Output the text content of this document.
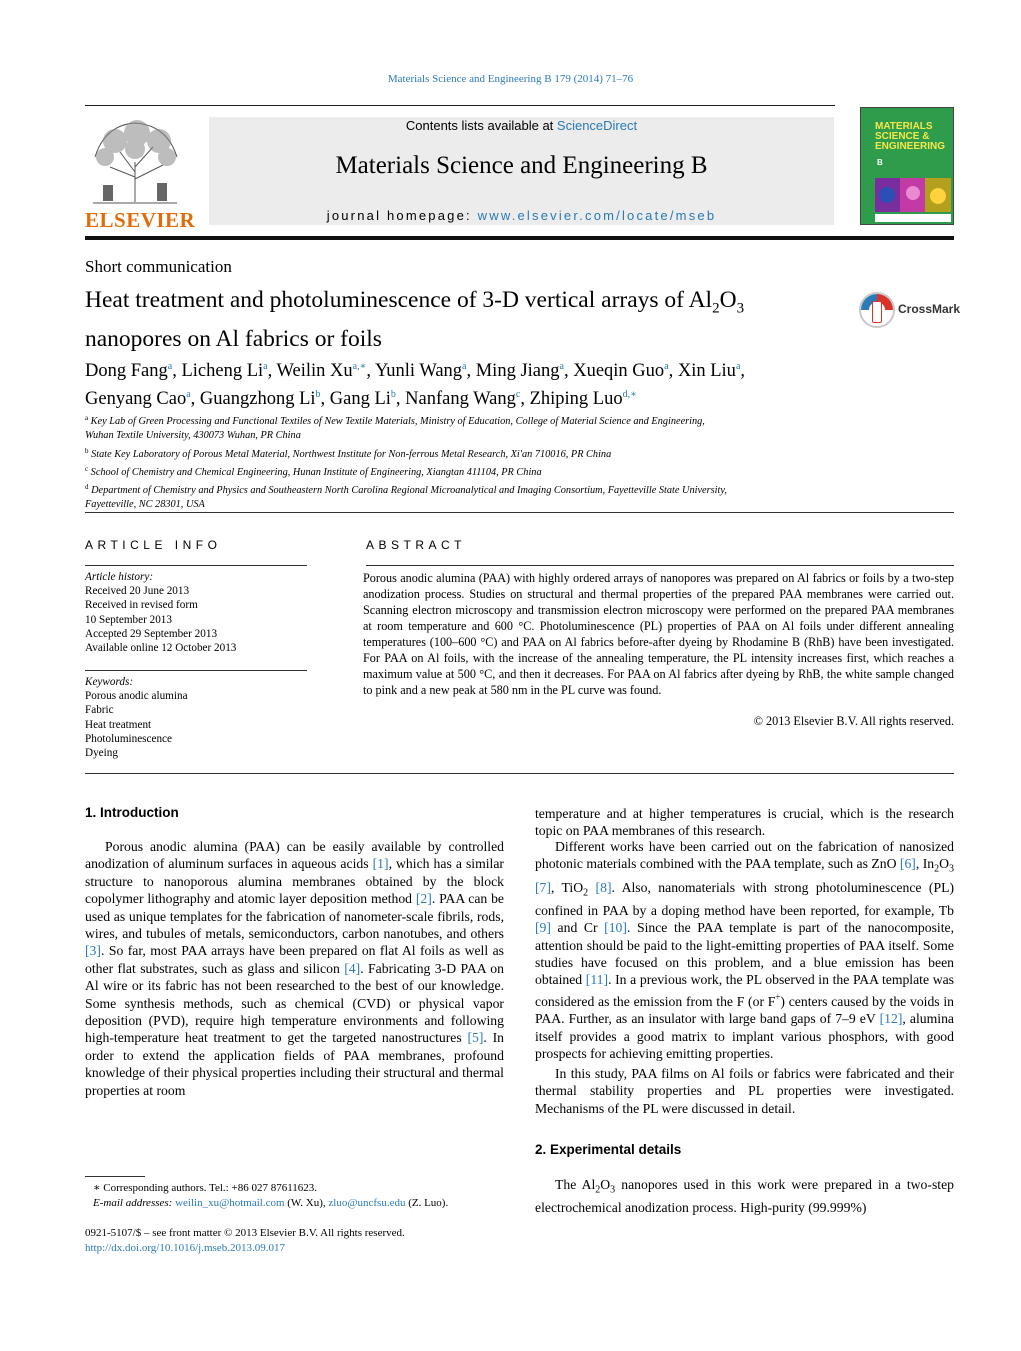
Materials Science and Engineering B 179 (2014) 71–76
ELSEVIER
Contents lists available at ScienceDirect
Materials Science and Engineering B
journal homepage: www.elsevier.com/locate/mseb
MATERIALS SCIENCE & ENGINEERING
B
Short communication
Heat treatment and photoluminescence of 3-D vertical arrays of $Al_2O_3$
nanopores on Al fabrics or foils
CrossMark
Dong Fang$^a$, Licheng Li$^a$, Weilin $Xu^{a,∗}$, Yunli Wang$^a$, Ming Jiang$^a$, Xueqin Guo$^a$, Xin Liu$^a$,
Genyang Cao$^a$, Guangzhong Li$^b$, Gang Li$^b$, Nanfang Wang$^c$, Zhiping Luo$^{d,∗}$
$^a$ Key Lab of Green Processing and Functional Textiles of New Textile Materials, Ministry of Education, College of Material Science and Engineering,
Wuhan Textile University, 430073 Wuhan, PR China
$^b$ State Key Laboratory of Porous Metal Material, Northwest Institute for Non-ferrous Metal Research, Xi'an 710016, PR China
$^c$ School of Chemistry and Chemical Engineering, Hunan Institute of Engineering, Xiangtan 411104, PR China
$^d$ Department of Chemistry and Physics and Southeastern North Carolina Regional Microanalytical and Imaging Consortium, Fayetteville State University,
Fayetteville, NC 28301, USA
ARTICLE INFO
Article history:
Received 20 June 2013
Received in revised form
10 September 2013
Accepted 29 September 2013
Available online 12 October 2013
Keywords:
Porous anodic alumina
Fabric
Heat treatment
Photoluminescence
Dyeing
ABSTRACT
Porous anodic alumina (PAA) with highly ordered arrays of nanopores was prepared on Al fabrics or foils by a two-step anodization process. Studies on structural and thermal properties of the prepared PAA membranes were carried out. Scanning electron microscopy and transmission electron microscopy were performed on the prepared PAA membranes at room temperature and 600 °C. Photoluminescence (PL) properties of PAA on Al foils under different annealing temperatures (100–600 °C) and PAA on Al fabrics before-after dyeing by Rhodamine B (RhB) have been investigated. For PAA on Al foils, with the increase of the annealing temperature, the PL intensity increases first, which reaches a maximum value at 500 °C, and then it decreases. For PAA on Al fabrics after dyeing by RhB, the white sample changed to pink and a new peak at 580 nm in the PL curve was found.
© 2013 Elsevier B.V. All rights reserved.
1. Introduction

Porous anodic alumina (PAA) can be easily available by controlled anodization of aluminum surfaces in aqueous acids [1], which has a similar structure to nanoporous alumina membranes obtained by the block copolymer lithography and atomic layer deposition method [2]. PAA can be used as unique templates for the fabrication of nanometer-scale fibrils, rods, wires, and tubules of metals, semiconductors, carbon nanotubes, and others [3]. So far, most PAA arrays have been prepared on flat Al foils as well as other flat substrates, such as glass and silicon [4]. Fabricating 3-D PAA on Al wire or its fabric has not been researched to the best of our knowledge. Some synthesis methods, such as chemical (CVD) or physical vapor deposition (PVD), require high temperature environments and following high-temperature heat treatment to get the targeted nanostructures [5]. In order to extend the application fields of PAA membranes, profound knowledge of their physical properties including their structural and thermal properties at room

temperature and at higher temperatures is crucial, which is the research topic on PAA membranes of this research.

Different works have been carried out on the fabrication of nanosized photonic materials combined with the PAA template, such as ZnO [6], $In_2O_3$ [7], TiO$_2$ [8]. Also, nanomaterials with strong photoluminescence (PL) confined in PAA by a doping method have been reported, for example, Tb [9] and Cr [10]. Since the PAA template is part of the nanocomposite, attention should be paid to the light-emitting properties of PAA itself. Some studies have focused on this problem, and a blue emission has been obtained [11]. In a previous work, the PL observed in the PAA template was considered as the emission from the F (or F+) centers caused by the voids in PAA. Further, as an insulator with large band gaps of 7–9 eV [12], alumina itself provides a good matrix to implant various phosphors, with good prospects for achieving emitting properties.

In this study, PAA films on Al foils or fabrics were fabricated and their thermal stability properties and PL properties were investigated. Mechanisms of the PL were discussed in detail.

2. Experimental details

The $Al_2O_3$ nanopores used in this work were prepared in a two-step electrochemical anodization process. High-purity (99.999%)

∗ Corresponding authors. Tel.: +86 027 87611623.
E-mail addresses: weilin_xu@hotmail.com (W. Xu), zluo@uncfsu.edu (Z. Luo).
0921-5107/$ – see front matter © 2013 Elsevier B.V. All rights reserved.
http://dx.doi.org/10.1016/j.mseb.2013.09.017
